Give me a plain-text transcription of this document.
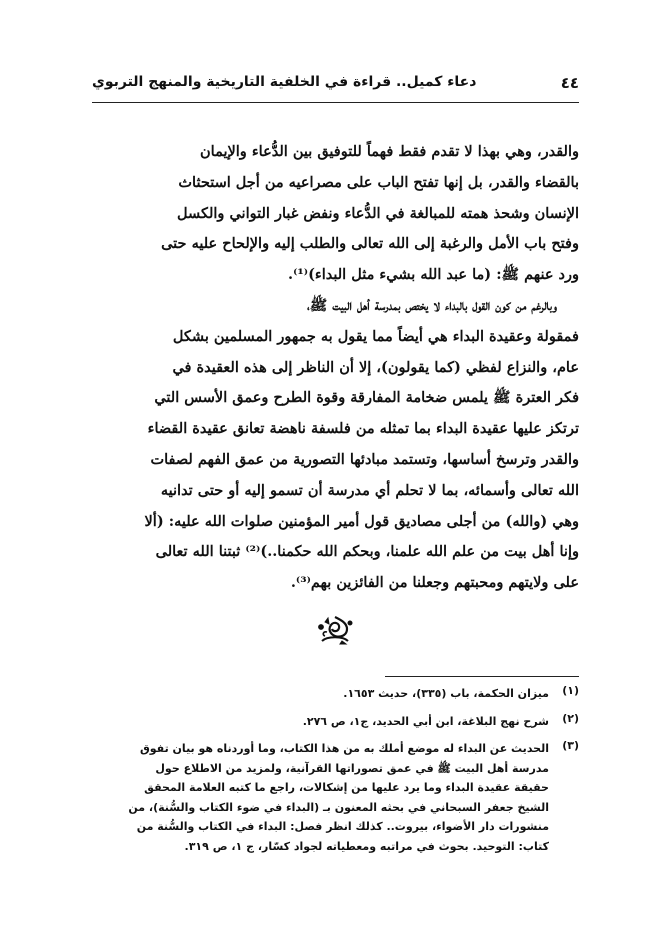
٤٤
دعاء كميل.. قراءة في الخلفية التاريخية والمنهج التربوي
والقدر، وهي بهذا لا تقدم فقط فهماً للتوفيق بين الدُّعاء والإيمان
بالقضاء والقدر، بل إنها تفتح الباب على مصراعيه من أجل استحثاث
الإنسان وشحذ همته للمبالغة في الدُّعاء ونفض غبار التواني والكسل
وفتح باب الأمل والرغبة إلى الله تعالى والطلب إليه والإلحاح عليه حتى
ورد عنهم ﷺ: (ما عبد الله بشيء مثل البداء)⁽¹⁾.
وبالرغم من كون القول بالبداء لا يختص بمدرسة أهل البيت ﷺ،
فمقولة وعقيدة البداء هي أيضاً مما يقول به جمهور المسلمين بشكل
عام، والنزاع لفظي (كما يقولون)، إلا أن الناظر إلى هذه العقيدة في
فكر العترة ﷺ يلمس ضخامة المفارقة وقوة الطرح وعمق الأسس التي
ترتكز عليها عقيدة البداء بما تمثله من فلسفة ناهضة تعانق عقيدة القضاء
والقدر وترسخ أساسها، وتستمد مبادئها التصورية من عمق الفهم لصفات
الله تعالى وأسمائه، بما لا تحلم أي مدرسة أن تسمو إليه أو حتى تدانيه
وهي (والله) من أجلى مصاديق قول أمير المؤمنين صلوات الله عليه: (ألا
وإنا أهل بيت من علم الله علمنا، وبحكم الله حكمنا..)⁽²⁾ ثبتنا الله تعالى
على ولايتهم ومحبتهم وجعلنا من الفائزين بهم⁽³⁾.
(١)
ميزان الحكمة، باب (٣٣٥)، حديث ١٦٥٣.
(٢)
شرح نهج البلاغة، ابن أبي الحديد، ج١، ص ٢٧٦.
(٣)
الحديث عن البداء له موضع أملك به من هذا الكتاب، وما أوردناه هو بيان تفوق
مدرسة أهل البيت ﷺ في عمق تصوراتها القرآنية، ولمزيد من الاطلاع حول
حقيقة عقيدة البداء وما يرد عليها من إشكالات، راجع ما كتبه العلامة المحقق
الشيخ جعفر السبحاني في بحثه المعنون بـ (البداء في ضوء الكتاب والسُّنة)، من
منشورات دار الأضواء، بيروت.. كذلك انظر فصل: البداء في الكتاب والسُّنة من
كتاب: التوحيد. بحوث في مراتبه ومعطياته لجواد كسّار، ج ١، ص ٣١٩.
